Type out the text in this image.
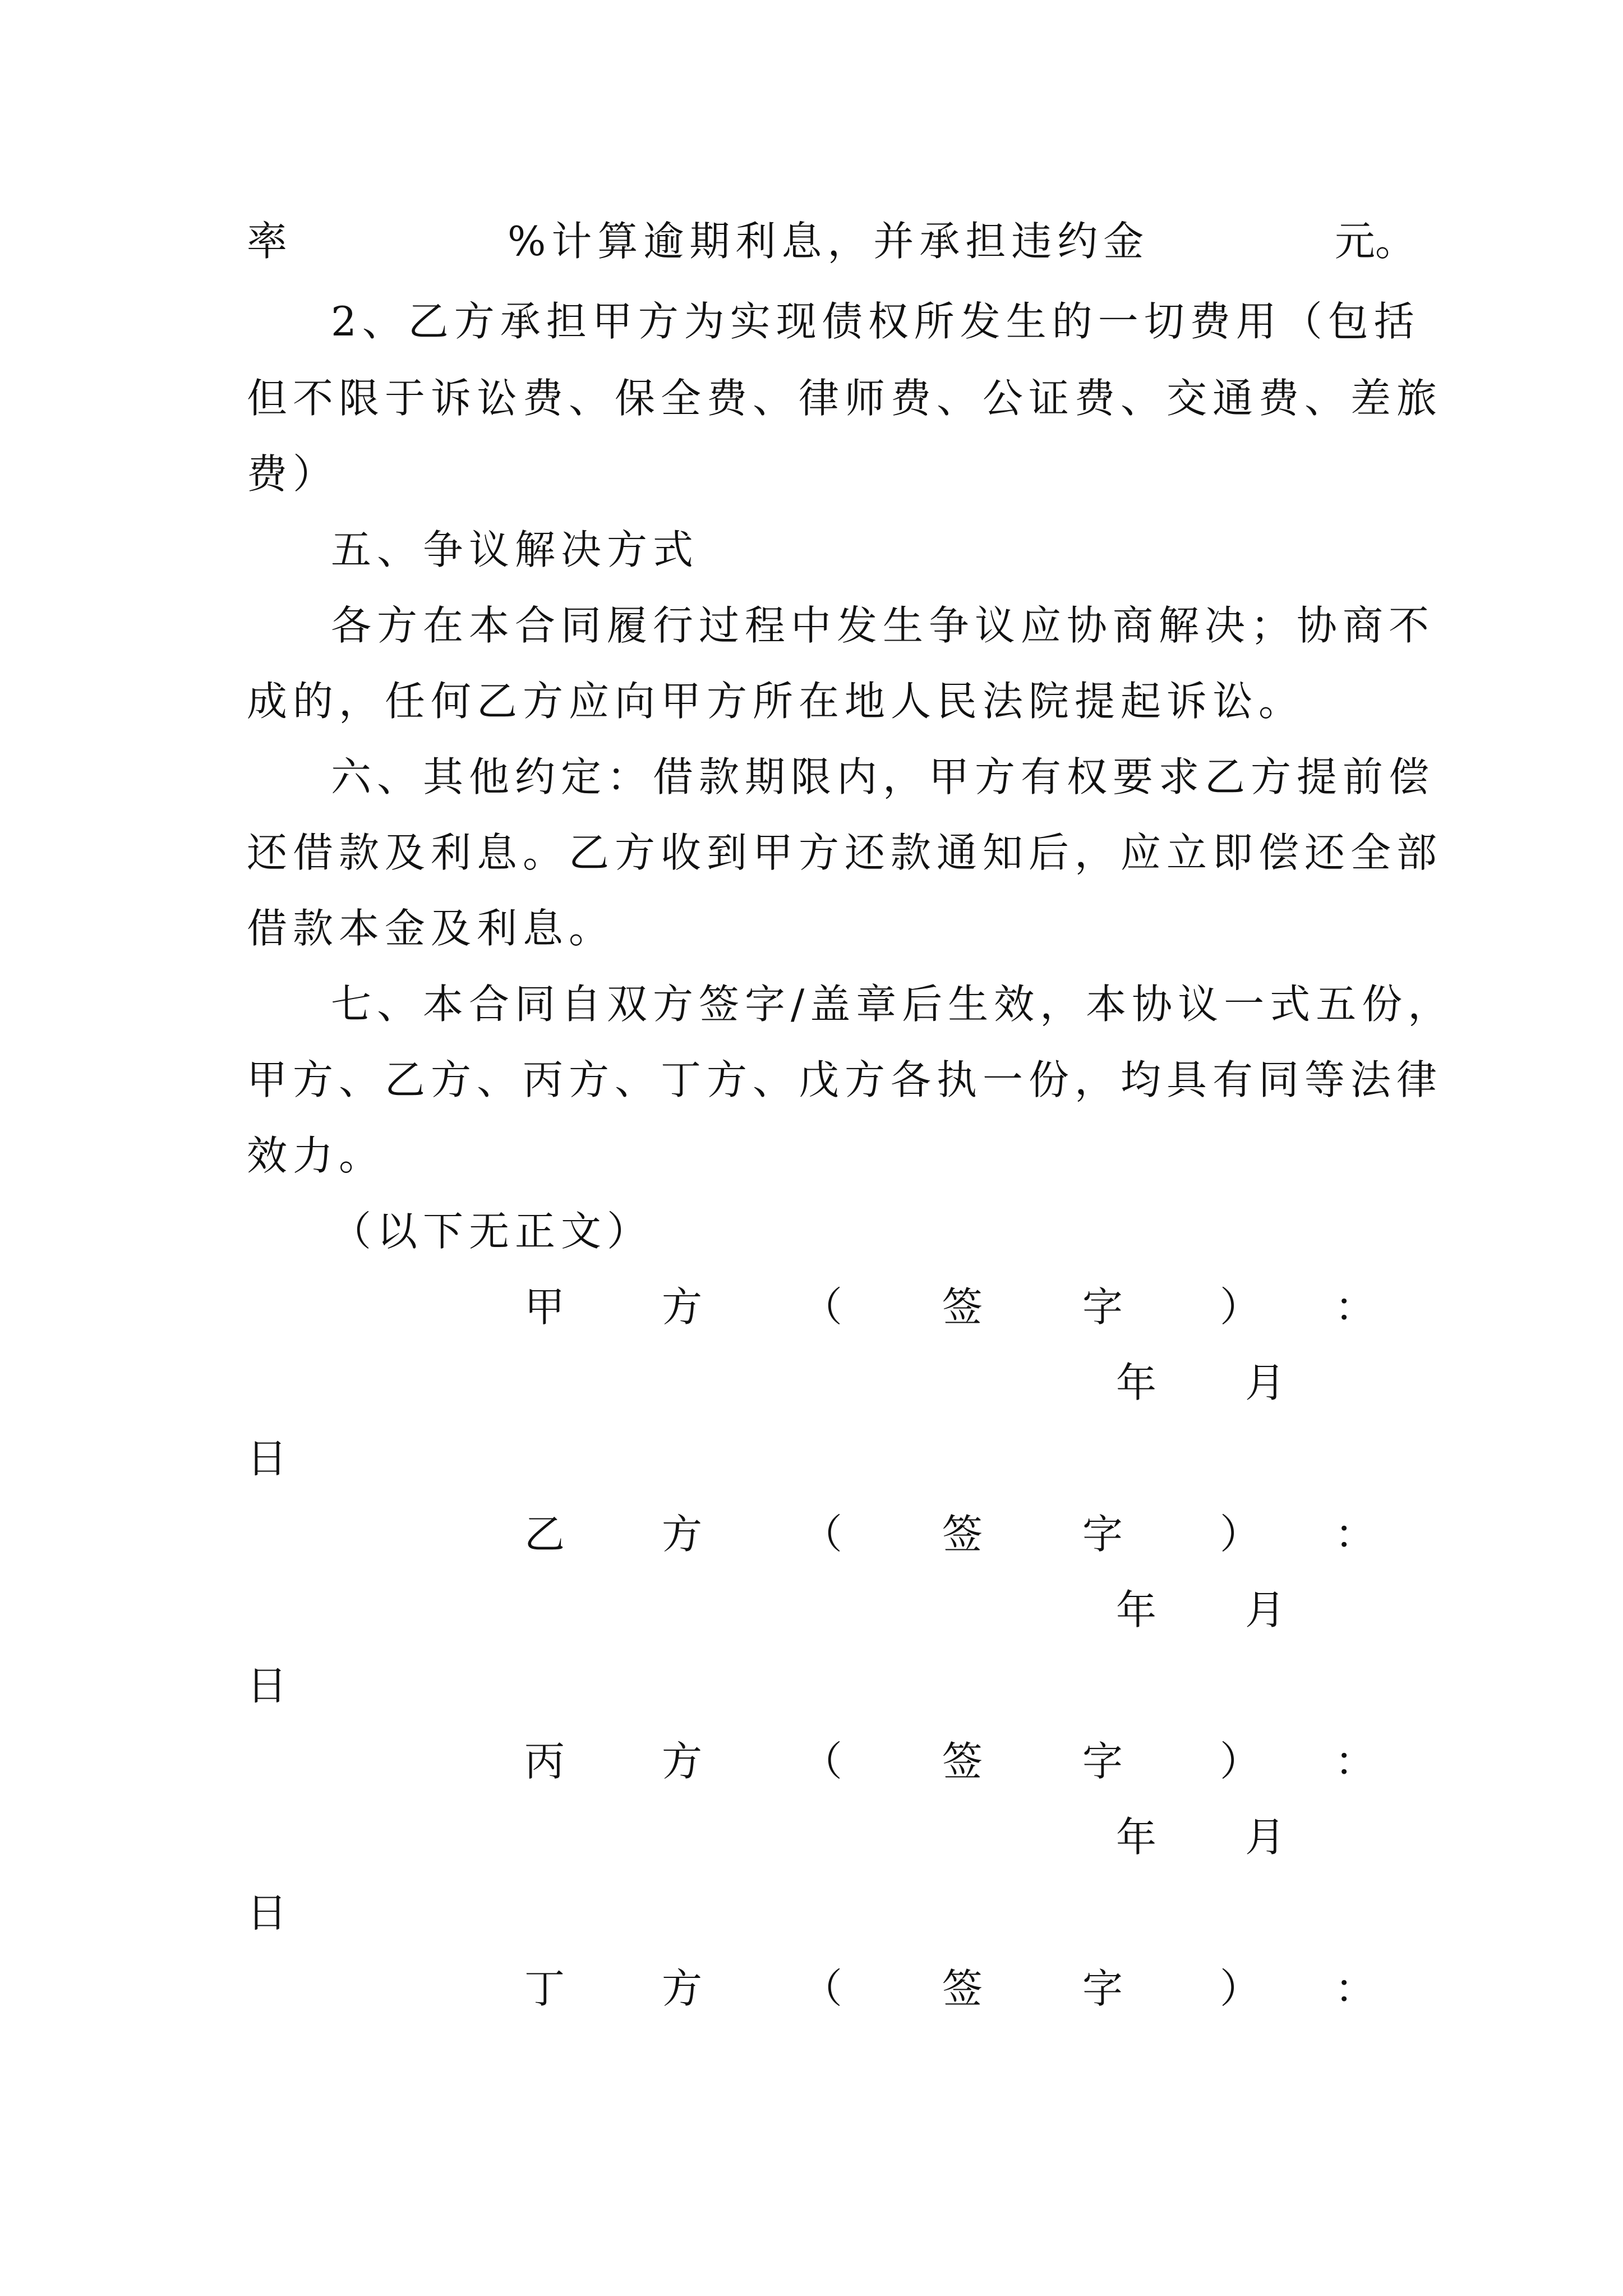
率	%计算逾期利息，并承担违约金	元。
2、乙方承担甲方为实现债权所发生的一切费用（包括
但不限于诉讼费、保全费、律师费、公证费、交通费、差旅
费）
五、争议解决方式
各方在本合同履行过程中发生争议应协商解决；协商不
成的，任何乙方应向甲方所在地人民法院提起诉讼。
六、其他约定：借款期限内，甲方有权要求乙方提前偿
还借款及利息。乙方收到甲方还款通知后，应立即偿还全部
借款本金及利息。
七、本合同自双方签字/盖章后生效，本协议一式五份，
甲方、乙方、丙方、丁方、戊方各执一份，均具有同等法律
效力。
（以下无正文）
甲 方 （ 签 字 ） ：
年 月
日
乙 方 （ 签 字 ） ：
年 月
日
丙 方 （ 签 字 ） ：
年 月
日
丁 方 （ 签 字 ） ：
